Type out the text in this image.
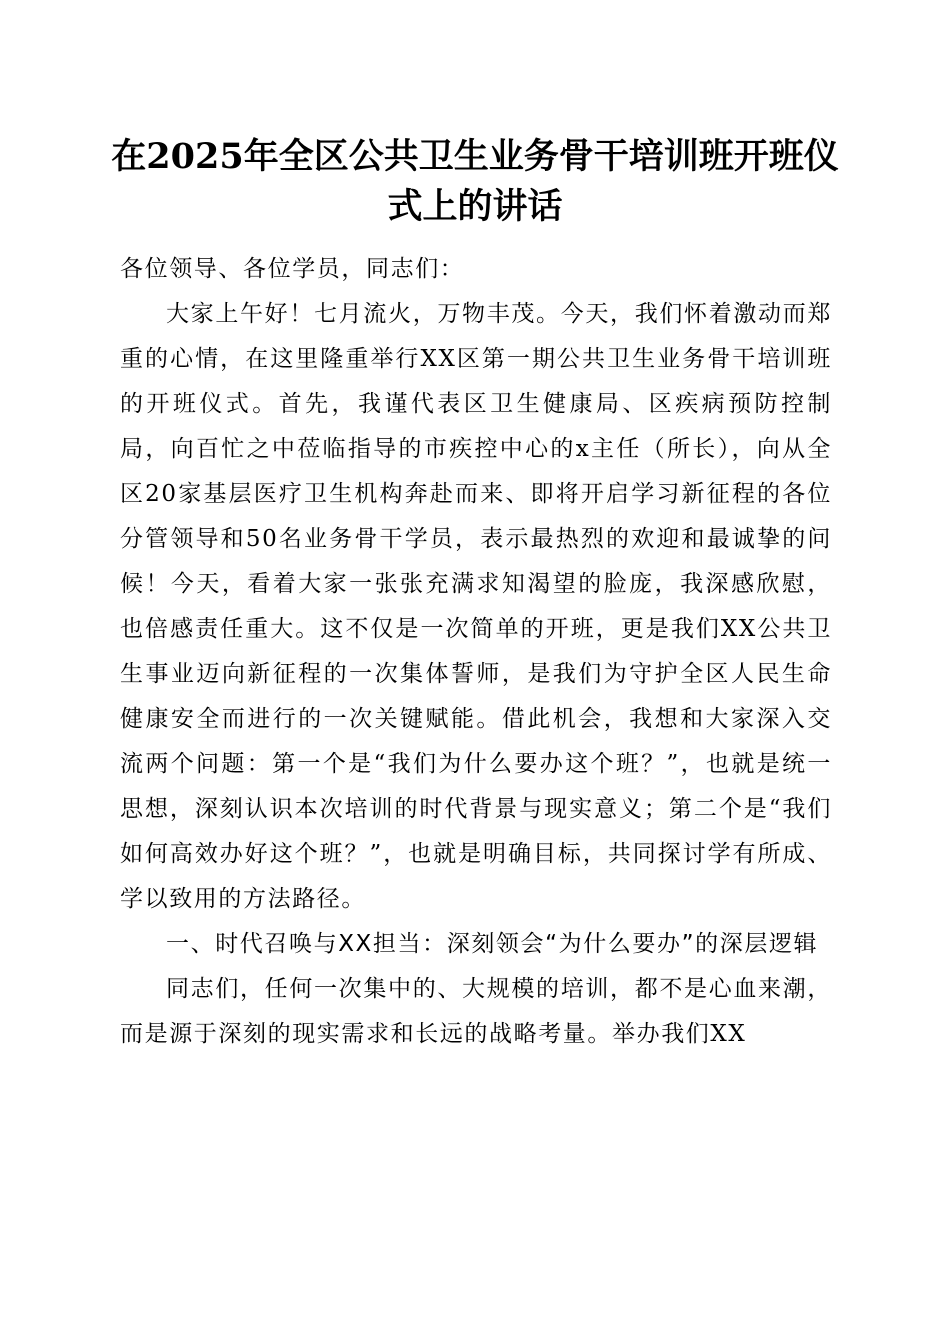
在2025年全区公共卫生业务骨干培训班开班仪式上的讲话

各位领导、各位学员，同志们：

大家上午好！七月流火，万物丰茂。今天，我们怀着激动而郑重的心情，在这里隆重举行XX区第一期公共卫生业务骨干培训班的开班仪式。首先，我谨代表区卫生健康局、区疾病预防控制局，向百忙之中莅临指导的市疾控中心的x主任（所长），向从全区20家基层医疗卫生机构奔赴而来、即将开启学习新征程的各位分管领导和50名业务骨干学员，表示最热烈的欢迎和最诚挚的问候！今天，看着大家一张张充满求知渴望的脸庞，我深感欣慰，也倍感责任重大。这不仅是一次简单的开班，更是我们XX公共卫生事业迈向新征程的一次集体誓师，是我们为守护全区人民生命健康安全而进行的一次关键赋能。借此机会，我想和大家深入交流两个问题：第一个是“我们为什么要办这个班？”，也就是统一思想，深刻认识本次培训的时代背景与现实意义；第二个是“我们如何高效办好这个班？”，也就是明确目标，共同探讨学有所成、学以致用的方法路径。

一、时代召唤与XX担当：深刻领会“为什么要办”的深层逻辑

同志们，任何一次集中的、大规模的培训，都不是心血来潮，而是源于深刻的现实需求和长远的战略考量。举办我们XX
